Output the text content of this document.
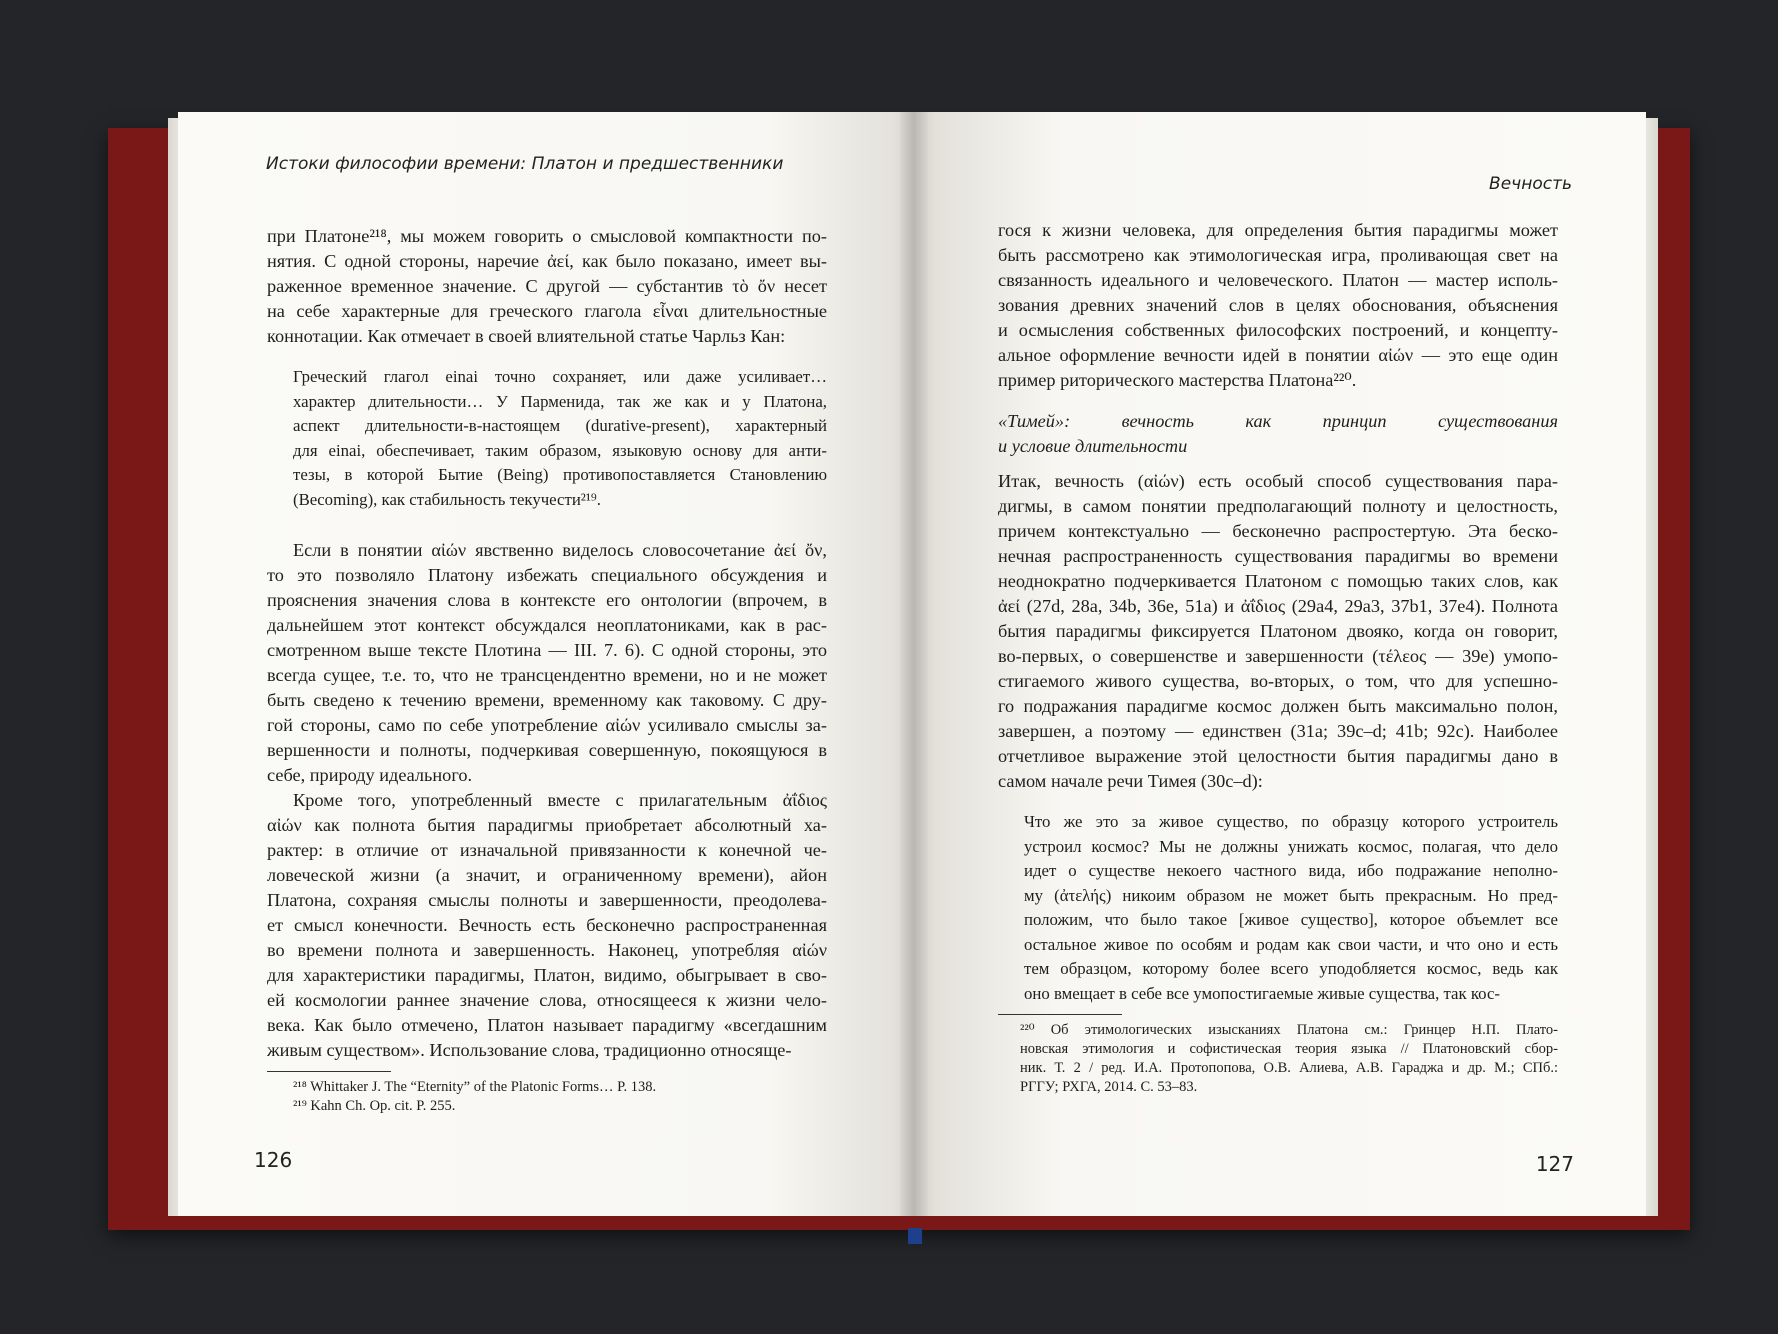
Истоки философии времени: Платон и предшественники
при Платоне²¹⁸, мы можем говорить о смысловой компактности по-
нятия. С одной стороны, наречие ἀεί, как было показано, имеет вы-
раженное временное значение. С другой — субстантив τὸ ὄν несет
на себе характерные для греческого глагола εἶναι длительностные
коннотации. Как отмечает в своей влиятельной статье Чарльз Кан:
Греческий глагол einai точно сохраняет, или даже усиливает…
характер длительности… У Парменида, так же как и у Платона,
аспект длительности-в-настоящем (durative-present), характерный
для einai, обеспечивает, таким образом, языковую основу для анти-
тезы, в которой Бытие (Being) противопоставляется Становлению
(Becoming), как стабильность текучести²¹⁹.
Если в понятии αἰών явственно виделось словосочетание ἀεί ὄν,
то это позволяло Платону избежать специального обсуждения и
прояснения значения слова в контексте его онтологии (впрочем, в
дальнейшем этот контекст обсуждался неоплатониками, как в рас-
смотренном выше тексте Плотина — III. 7. 6). С одной стороны, это
всегда сущее, т.е. то, что не трансцендентно времени, но и не может
быть сведено к течению времени, временному как таковому. С дру-
гой стороны, само по себе употребление αἰών усиливало смыслы за-
вершенности и полноты, подчеркивая совершенную, покоящуюся в
себе, природу идеального.
Кроме того, употребленный вместе с прилагательным ἀΐδιος
αἰών как полнота бытия парадигмы приобретает абсолютный ха-
рактер: в отличие от изначальной привязанности к конечной че-
ловеческой жизни (а значит, и ограниченному времени), айон
Платона, сохраняя смыслы полноты и завершенности, преодолева-
ет смысл конечности. Вечность есть бесконечно распространенная
во времени полнота и завершенность. Наконец, употребляя αἰών
для характеристики парадигмы, Платон, видимо, обыгрывает в сво-
ей космологии раннее значение слова, относящееся к жизни чело-
века. Как было отмечено, Платон называет парадигму «всегдашним
живым существом». Использование слова, традиционно относяще-
²¹⁸ Whittaker J. The “Eternity” of the Platonic Forms… P. 138.
²¹⁹ Kahn Ch. Op. cit. P. 255.
126
Вечность
гося к жизни человека, для определения бытия парадигмы может
быть рассмотрено как этимологическая игра, проливающая свет на
связанность идеального и человеческого. Платон — мастер исполь-
зования древних значений слов в целях обоснования, объяснения
и осмысления собственных философских построений, и концепту-
альное оформление вечности идей в понятии αἰών — это еще один
пример риторического мастерства Платона²²⁰.
«Тимей»: вечность как принцип существования
и условие длительности
Итак, вечность (αἰών) есть особый способ существования пара-
дигмы, в самом понятии предполагающий полноту и целостность,
причем контекстуально — бесконечно распростертую. Эта беско-
нечная распространенность существования парадигмы во времени
неоднократно подчеркивается Платоном с помощью таких слов, как
ἀεί (27d, 28a, 34b, 36e, 51a) и ἀΐδιος (29a4, 29a3, 37b1, 37e4). Полнота
бытия парадигмы фиксируется Платоном двояко, когда он говорит,
во-первых, о совершенстве и завершенности (τέλεος — 39e) умопо-
стигаемого живого существа, во-вторых, о том, что для успешно-
го подражания парадигме космос должен быть максимально полон,
завершен, а поэтому — единствен (31a; 39c–d; 41b; 92c). Наиболее
отчетливое выражение этой целостности бытия парадигмы дано в
самом начале речи Тимея (30c–d):
Что же это за живое существо, по образцу которого устроитель
устроил космос? Мы не должны унижать космос, полагая, что дело
идет о существе некоего частного вида, ибо подражание неполно-
му (ἀτελής) никоим образом не может быть прекрасным. Но пред-
положим, что было такое [живое существо], которое объемлет все
остальное живое по особям и родам как свои части, и что оно и есть
тем образцом, которому более всего уподобляется космос, ведь как
оно вмещает в себе все умопостигаемые живые существа, так кос-
²²⁰ Об этимологических изысканиях Платона см.: Гринцер Н.П. Плато-
новская этимология и софистическая теория языка // Платоновский сбор-
ник. Т. 2 / ред. И.А. Протопопова, О.В. Алиева, А.В. Гараджа и др. М.; СПб.:
РГГУ; РХГА, 2014. С. 53–83.
127
